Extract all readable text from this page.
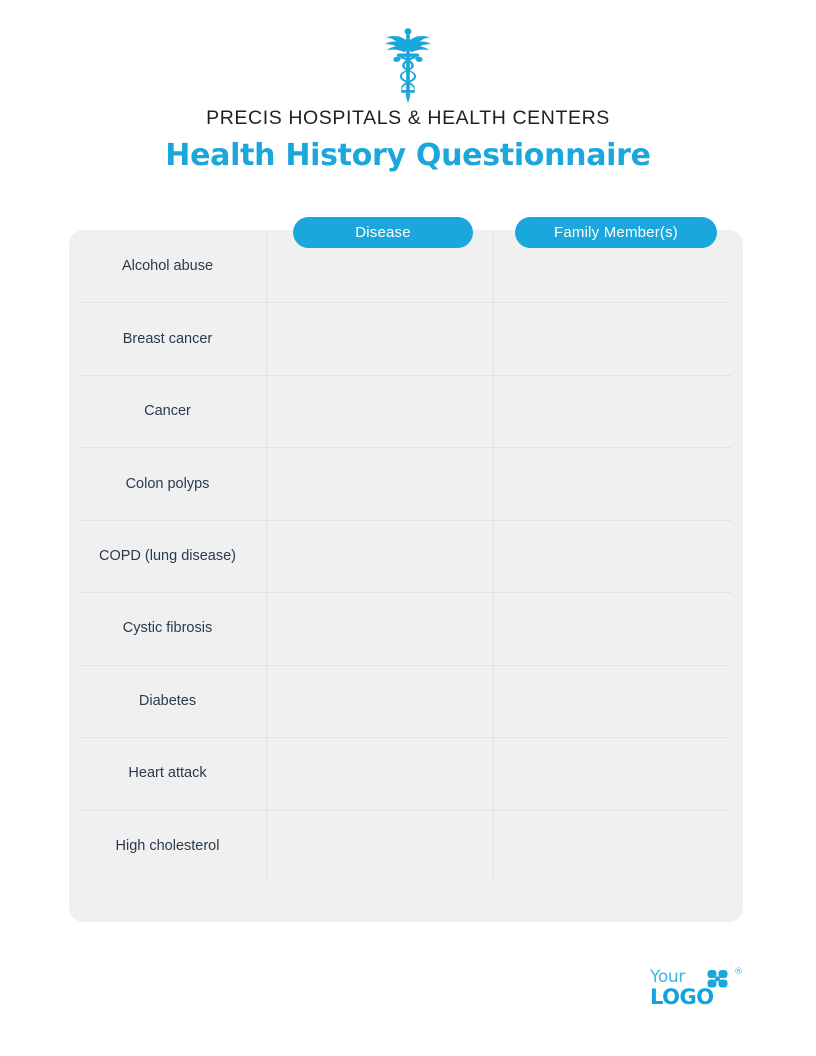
PRECIS HOSPITALS & HEALTH CENTERS
Health History Questionnaire
Alcohol abuse
Breast cancer
Cancer
Colon polyps
COPD (lung disease)
Cystic fibrosis
Diabetes
Heart attack
High cholesterol
Disease	Family Member(s)
Your	®
LOGO
